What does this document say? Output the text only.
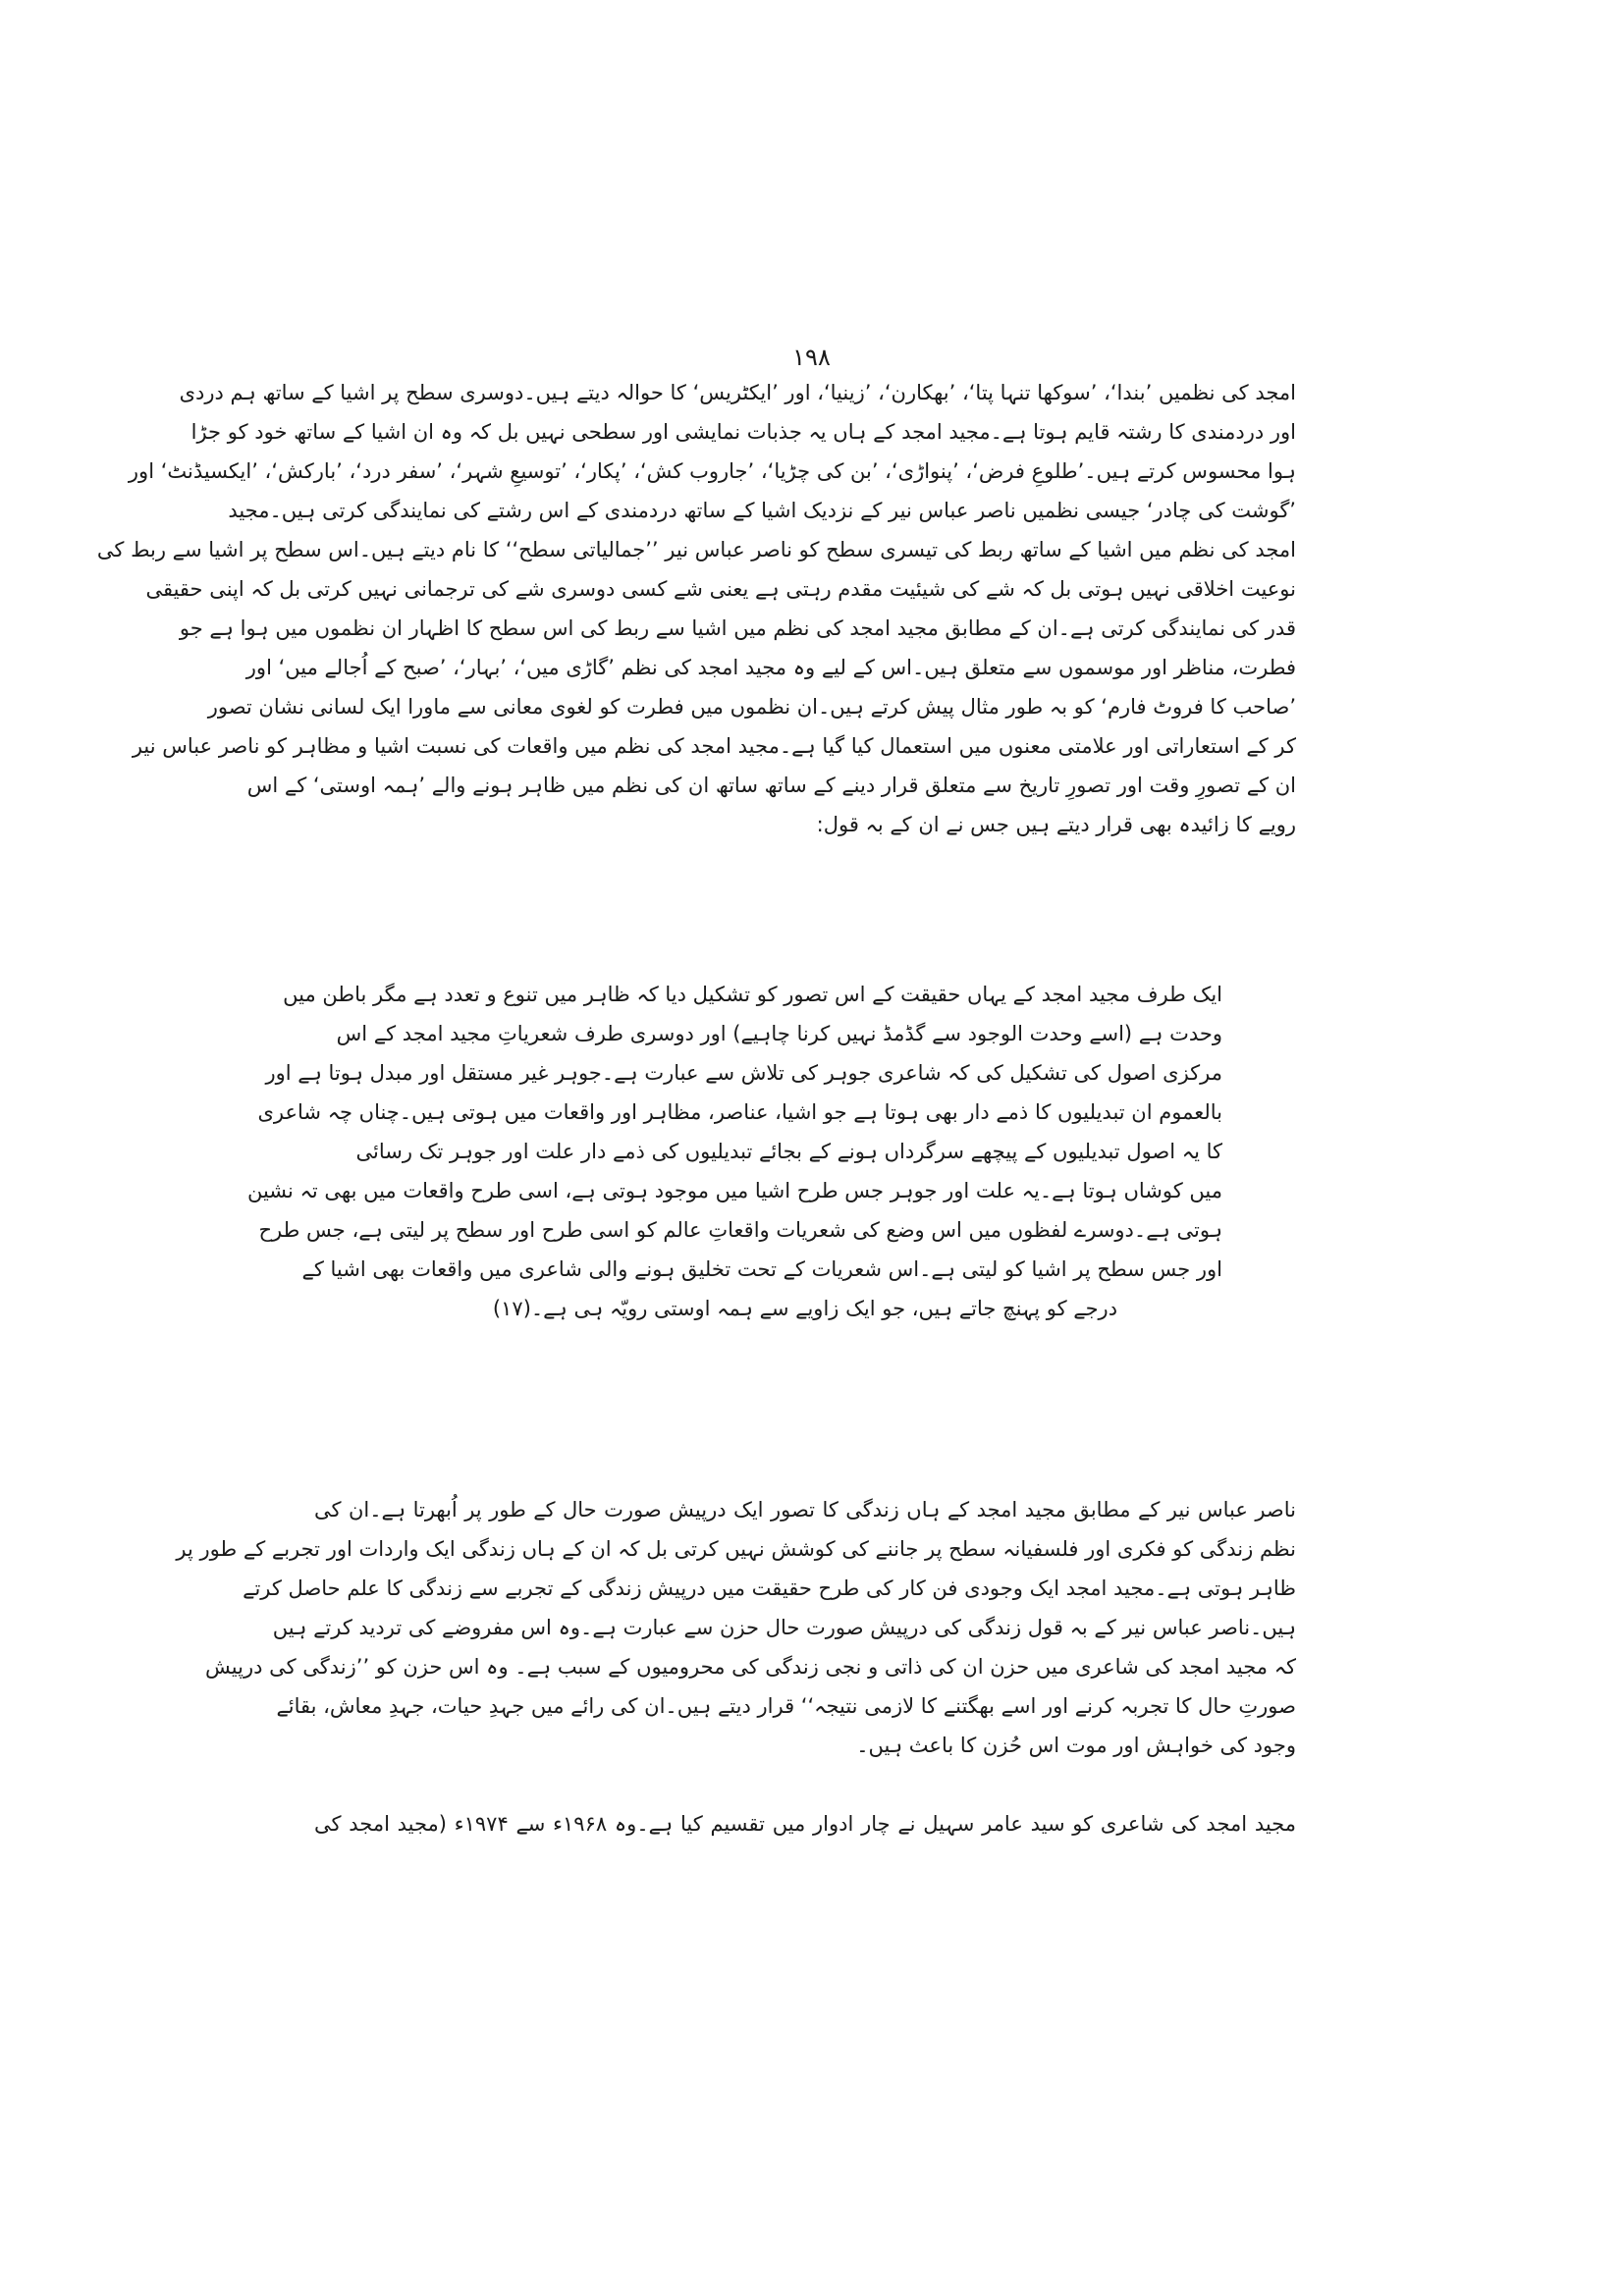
۱۹۸
امجد کی نظمیں ’بندا‘، ’سوکھا تنہا پتا‘، ’بھکارن‘، ’زینیا‘، اور ’ایکٹریس‘ کا حوالہ دیتے ہیں۔دوسری سطح پر اشیا کے ساتھ ہم دردی
اور دردمندی کا رشتہ قایم ہوتا ہے۔مجید امجد کے ہاں یہ جذبات نمایشی اور سطحی نہیں بل کہ وہ ان اشیا کے ساتھ خود کو جڑا
ہوا محسوس کرتے ہیں۔’طلوعِ فرض‘، ’پنواڑی‘، ’بن کی چڑیا‘، ’جاروب کش‘، ’پکار‘، ’توسیعِ شہر‘، ’سفر درد‘، ’بارکش‘، ’ایکسیڈنٹ‘ اور
’گوشت کی چادر‘ جیسی نظمیں ناصر عباس نیر کے نزدیک اشیا کے ساتھ دردمندی کے اس رشتے کی نمایندگی کرتی ہیں۔مجید
امجد کی نظم میں اشیا کے ساتھ ربط کی تیسری سطح کو ناصر عباس نیر ’’جمالیاتی سطح‘‘ کا نام دیتے ہیں۔اس سطح پر اشیا سے ربط کی
نوعیت اخلاقی نہیں ہوتی بل کہ شے کی شیئیت مقدم رہتی ہے یعنی شے کسی دوسری شے کی ترجمانی نہیں کرتی بل کہ اپنی حقیقی
قدر کی نمایندگی کرتی ہے۔ان کے مطابق مجید امجد کی نظم میں اشیا سے ربط کی اس سطح کا اظہار ان نظموں میں ہوا ہے جو
فطرت، مناظر اور موسموں سے متعلق ہیں۔اس کے لیے وہ مجید امجد کی نظم ’گاڑی میں‘، ’بہار‘، ’صبح کے اُجالے میں‘ اور
’صاحب کا فروٹ فارم‘ کو بہ طور مثال پیش کرتے ہیں۔ان نظموں میں فطرت کو لغوی معانی سے ماورا ایک لسانی نشان تصور
کر کے استعاراتی اور علامتی معنوں میں استعمال کیا گیا ہے۔مجید امجد کی نظم میں واقعات کی نسبت اشیا و مظاہر کو ناصر عباس نیر
ان کے تصورِ وقت اور تصورِ تاریخ سے متعلق قرار دینے کے ساتھ ساتھ ان کی نظم میں ظاہر ہونے والے ’ہمہ اوستی‘ کے اس
رویے کا زائیدہ بھی قرار دیتے ہیں جس نے ان کے بہ قول:
ایک طرف مجید امجد کے یہاں حقیقت کے اس تصور کو تشکیل دیا کہ ظاہر میں تنوع و تعدد ہے مگر باطن میں
وحدت ہے (اسے وحدت الوجود سے گڈمڈ نہیں کرنا چاہیے) اور دوسری طرف شعریاتِ مجید امجد کے اس
مرکزی اصول کی تشکیل کی کہ شاعری جوہر کی تلاش سے عبارت ہے۔جوہر غیر مستقل اور مبدل ہوتا ہے اور
بالعموم ان تبدیلیوں کا ذمے دار بھی ہوتا ہے جو اشیا، عناصر، مظاہر اور واقعات میں ہوتی ہیں۔چناں چہ شاعری
کا یہ اصول تبدیلیوں کے پیچھے سرگرداں ہونے کے بجائے تبدیلیوں کی ذمے دار علت اور جوہر تک رسائی
میں کوشاں ہوتا ہے۔یہ علت اور جوہر جس طرح اشیا میں موجود ہوتی ہے، اسی طرح واقعات میں بھی تہ نشین
ہوتی ہے۔دوسرے لفظوں میں اس وضع کی شعریات واقعاتِ عالم کو اسی طرح اور سطح پر لیتی ہے، جس طرح
اور جس سطح پر اشیا کو لیتی ہے۔اس شعریات کے تحت تخلیق ہونے والی شاعری میں واقعات بھی اشیا کے
درجے کو پہنچ جاتے ہیں، جو ایک زاویے سے ہمہ اوستی رویّہ ہی ہے۔(۱۷)
ناصر عباس نیر کے مطابق مجید امجد کے ہاں زندگی کا تصور ایک درپیش صورت حال کے طور پر اُبھرتا ہے۔ان کی
نظم زندگی کو فکری اور فلسفیانہ سطح پر جاننے کی کوشش نہیں کرتی بل کہ ان کے ہاں زندگی ایک واردات اور تجربے کے طور پر
ظاہر ہوتی ہے۔مجید امجد ایک وجودی فن کار کی طرح حقیقت میں درپیش زندگی کے تجربے سے زندگی کا علم حاصل کرتے
ہیں۔ناصر عباس نیر کے بہ قول زندگی کی درپیش صورت حال حزن سے عبارت ہے۔وہ اس مفروضے کی تردید کرتے ہیں
کہ مجید امجد کی شاعری میں حزن ان کی ذاتی و نجی زندگی کی محرومیوں کے سبب ہے۔ وہ اس حزن کو ’’زندگی کی درپیش
صورتِ حال کا تجربہ کرنے اور اسے بھگتنے کا لازمی نتیجہ‘‘ قرار دیتے ہیں۔ان کی رائے میں جہدِ حیات، جہدِ معاش، بقائے
وجود کی خواہش اور موت اس حُزن کا باعث ہیں۔
مجید امجد کی شاعری کو سید عامر سہیل نے چار ادوار میں تقسیم کیا ہے۔وہ ۱۹۶۸ء سے ۱۹۷۴ء (مجید امجد کی
